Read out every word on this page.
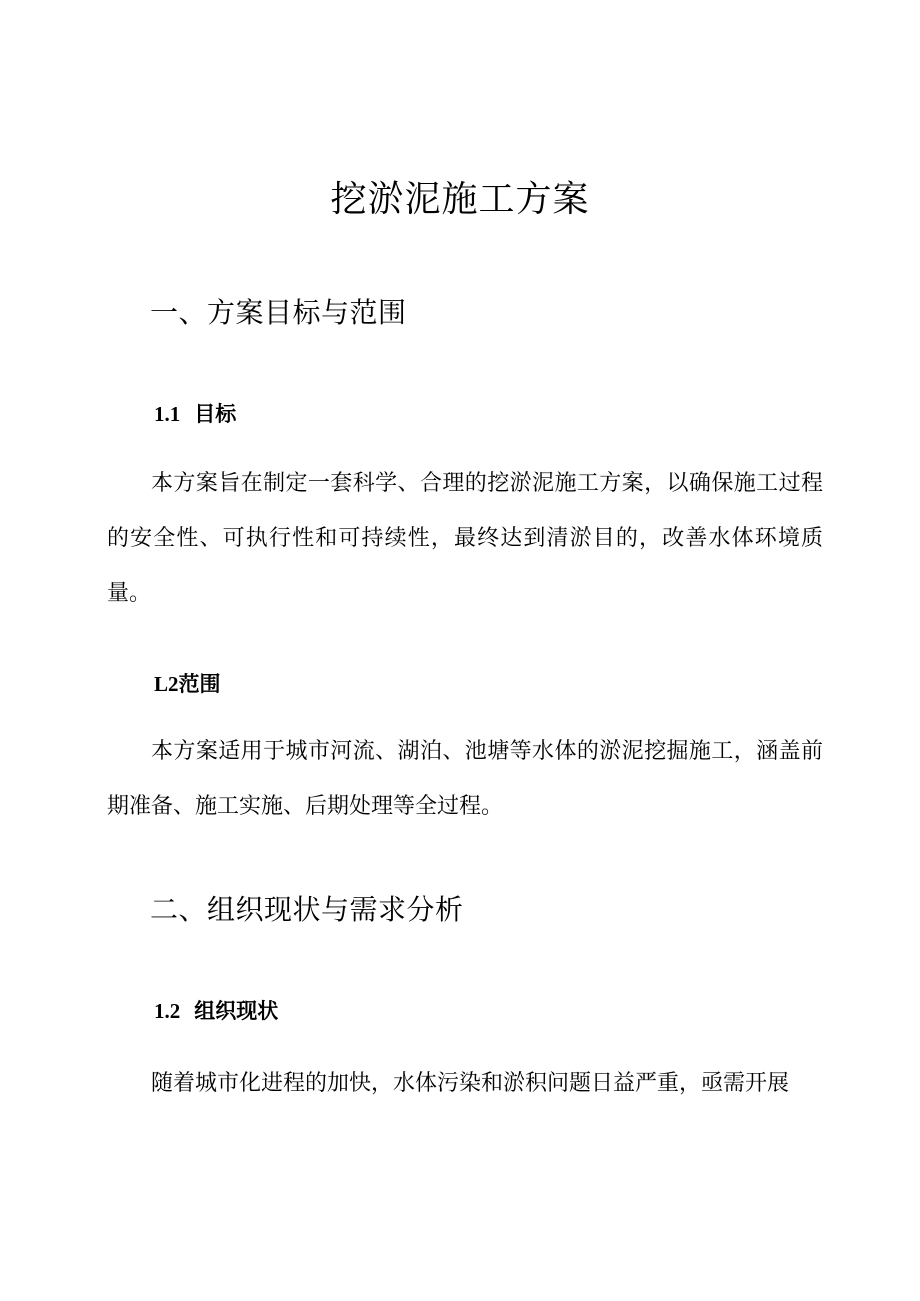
挖淤泥施工方案
一、方案目标与范围
1.1 目标

本方案旨在制定一套科学、合理的挖淤泥施工方案，以确保施工过程的安全性、可执行性和可持续性，最终达到清淤目的，改善水体环境质量。

L2范围

本方案适用于城市河流、湖泊、池塘等水体的淤泥挖掘施工，涵盖前期准备、施工实施、后期处理等全过程。

二、组织现状与需求分析
1.2 组织现状

随着城市化进程的加快，水体污染和淤积问题日益严重，亟需开展
